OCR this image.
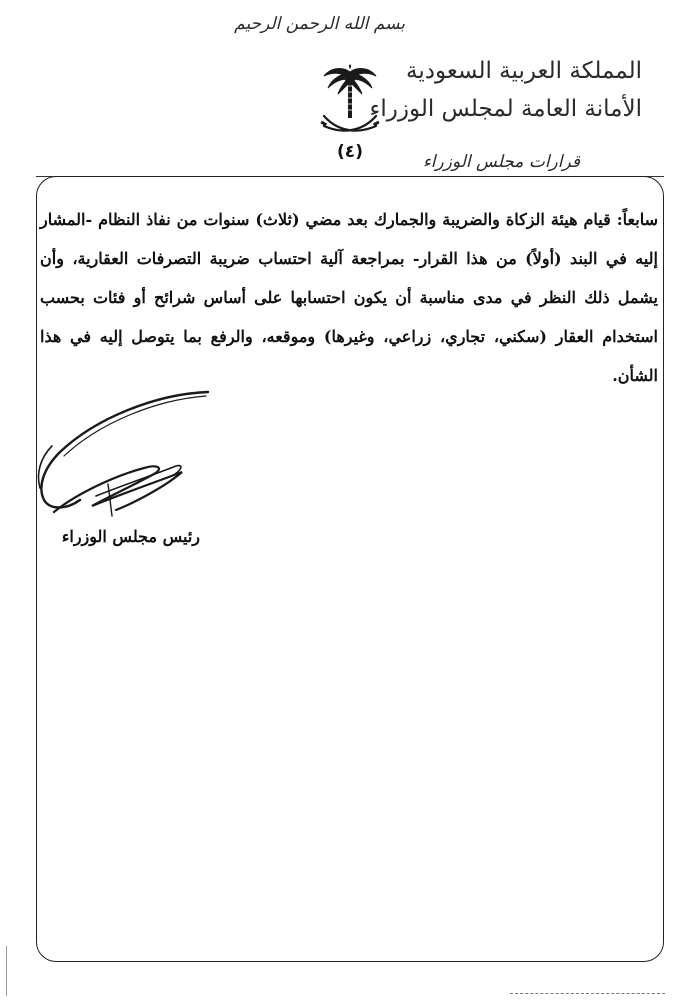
بسم الله الرحمن الرحيم
المملكة العربية السعودية
الأمانة العامة لمجلس الوزراء
(٤)	قرارات مجلس الوزراء

سابعاً: قيام هيئة الزكاة والضريبة والجمارك بعد مضي (ثلاث) سنوات من نفاذ النظام -المشار إليه في البند (أولاً) من هذا القرار- بمراجعة آلية احتساب ضريبة التصرفات العقارية، وأن يشمل ذلك النظر في مدى مناسبة أن يكون احتسابها على أساس شرائح أو فئات بحسب استخدام العقار (سكني، تجاري، زراعي، وغيرها) وموقعه، والرفع بما يتوصل إليه في هذا الشأن.

رئيس مجلس الوزراء
